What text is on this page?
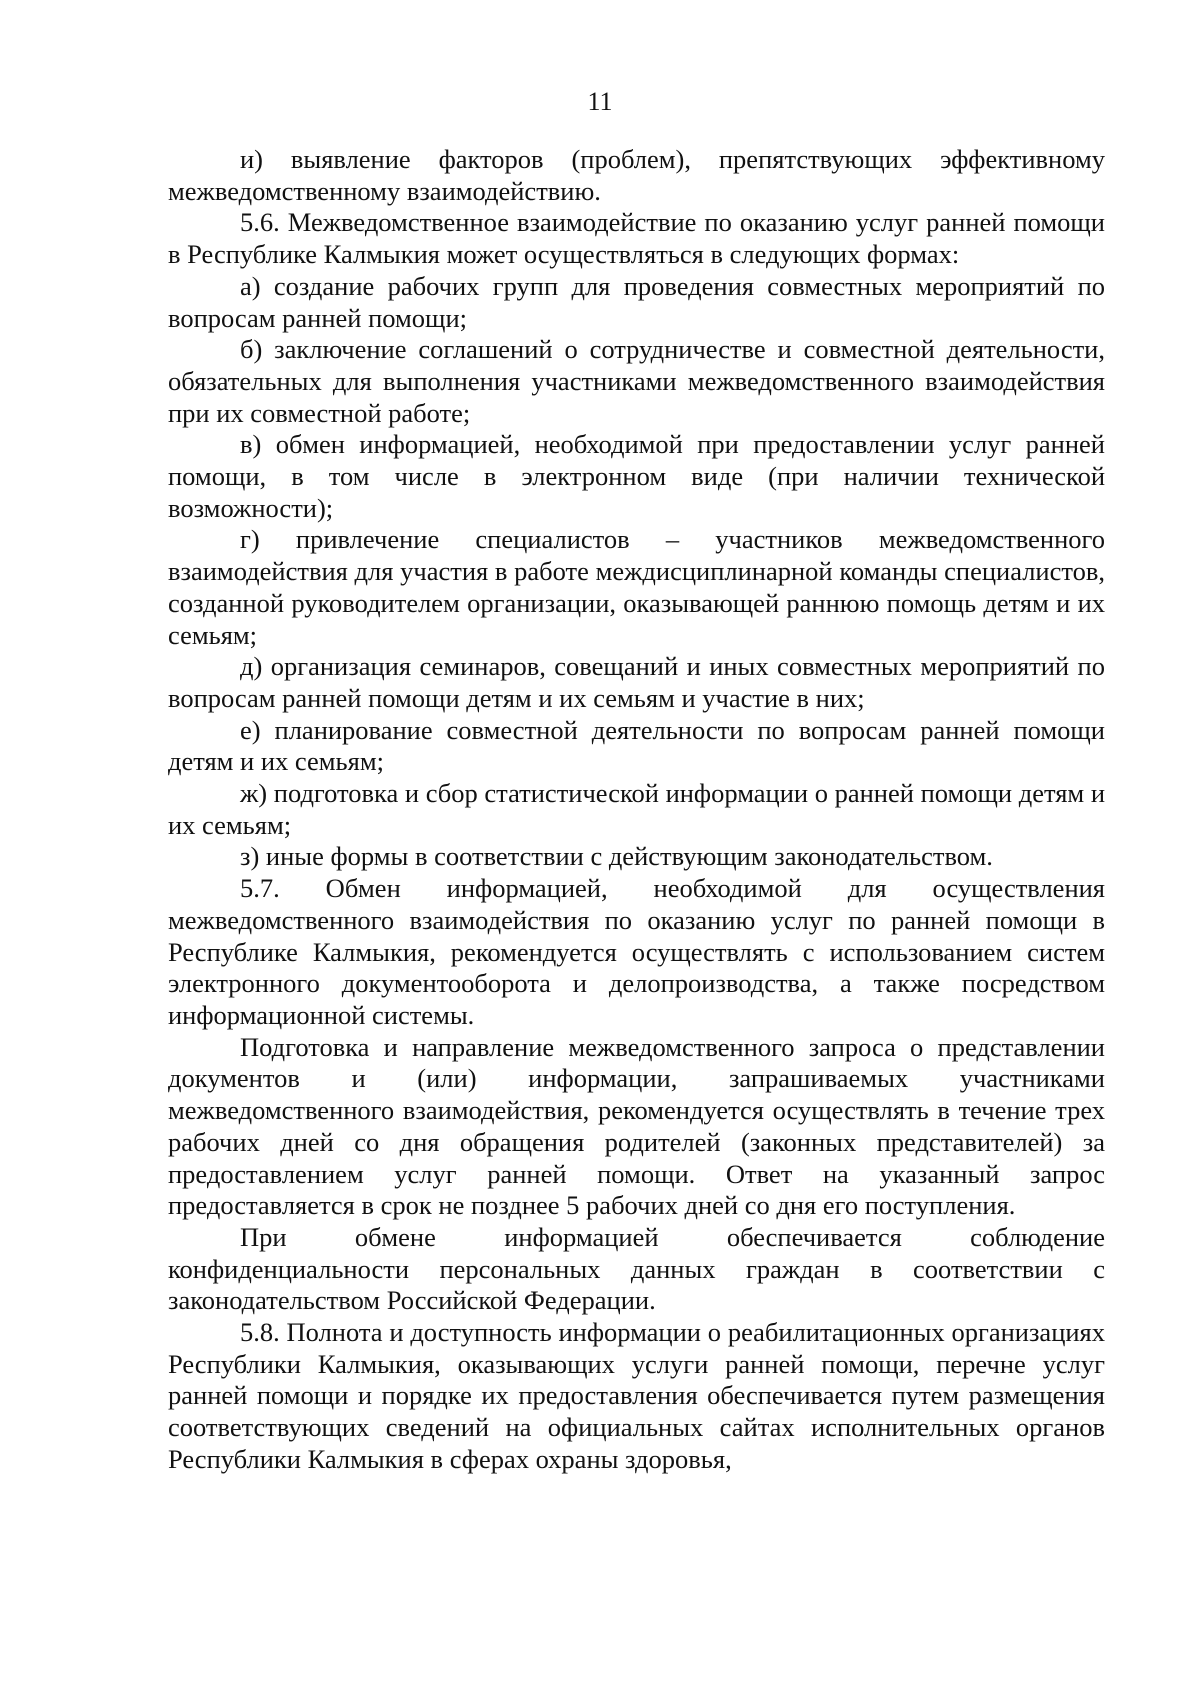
11

и) выявление факторов (проблем), препятствующих эффективному межведомственному взаимодействию.

5.6. Межведомственное взаимодействие по оказанию услуг ранней помощи в Республике Калмыкия может осуществляться в следующих формах:

а) создание рабочих групп для проведения совместных мероприятий по вопросам ранней помощи;

б) заключение соглашений о сотрудничестве и совместной деятельности, обязательных для выполнения участниками межведомственного взаимодействия при их совместной работе;

в) обмен информацией, необходимой при предоставлении услуг ранней помощи, в том числе в электронном виде (при наличии технической возможности);

г) привлечение специалистов – участников межведомственного взаимодействия для участия в работе междисциплинарной команды специалистов, созданной руководителем организации, оказывающей раннюю помощь детям и их семьям;

д) организация семинаров, совещаний и иных совместных мероприятий по вопросам ранней помощи детям и их семьям и участие в них;

е) планирование совместной деятельности по вопросам ранней помощи детям и их семьям;

ж) подготовка и сбор статистической информации о ранней помощи детям и их семьям;

з) иные формы в соответствии с действующим законодательством.

5.7. Обмен информацией, необходимой для осуществления межведомственного взаимодействия по оказанию услуг по ранней помощи в Республике Калмыкия, рекомендуется осуществлять с использованием систем электронного документооборота и делопроизводства, а также посредством информационной системы.

Подготовка и направление межведомственного запроса о представлении документов и (или) информации, запрашиваемых участниками межведомственного взаимодействия, рекомендуется осуществлять в течение трех рабочих дней со дня обращения родителей (законных представителей) за предоставлением услуг ранней помощи. Ответ на указанный запрос предоставляется в срок не позднее 5 рабочих дней со дня его поступления.

При обмене информацией обеспечивается соблюдение конфиденциальности персональных данных граждан в соответствии с законодательством Российской Федерации.

5.8. Полнота и доступность информации о реабилитационных организациях Республики Калмыкия, оказывающих услуги ранней помощи, перечне услуг ранней помощи и порядке их предоставления обеспечивается путем размещения соответствующих сведений на официальных сайтах исполнительных органов Республики Калмыкия в сферах охраны здоровья,
